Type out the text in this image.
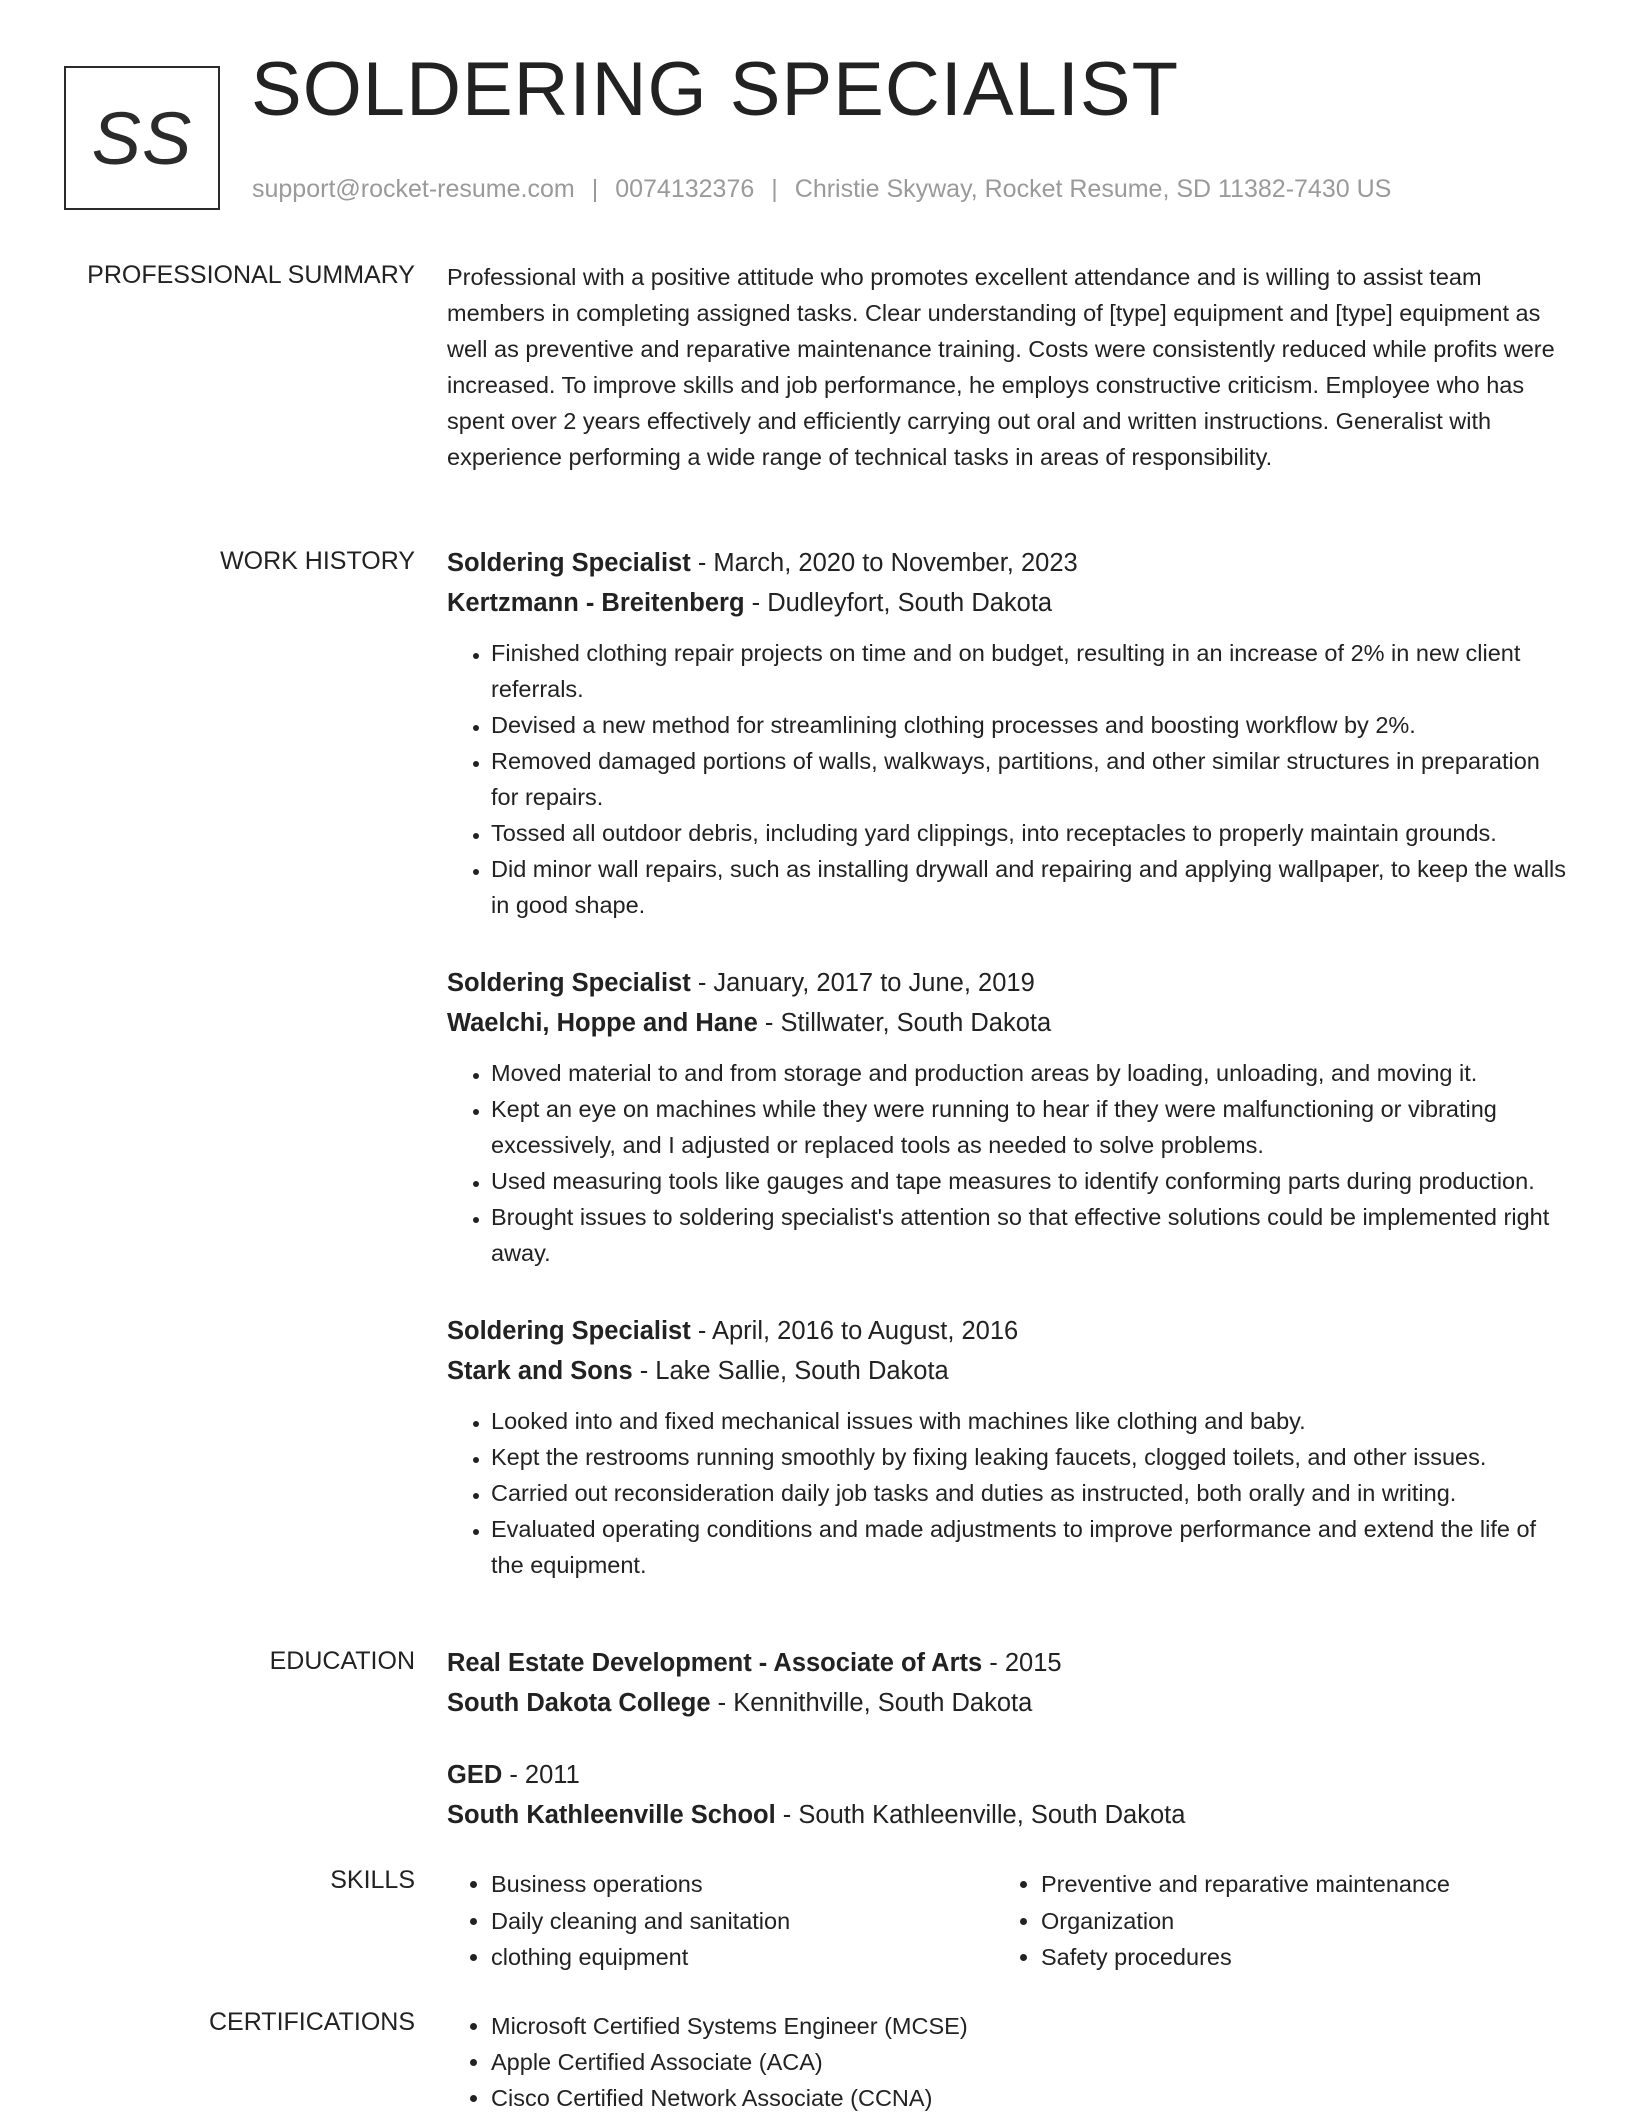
SS
SOLDERING SPECIALIST
support@rocket-resume.com | 0074132376 | Christie Skyway, Rocket Resume, SD 11382-7430 US
PROFESSIONAL SUMMARY Professional with a positive attitude who promotes excellent attendance and is willing to assist team members in completing assigned tasks. Clear understanding of [type] equipment and [type] equipment as well as preventive and reparative maintenance training. Costs were consistently reduced while profits were increased. To improve skills and job performance, he employs constructive criticism. Employee who has spent over 2 years effectively and efficiently carrying out oral and written instructions. Generalist with experience performing a wide range of technical tasks in areas of responsibility.

WORK HISTORY Soldering Specialist - March, 2020 to November, 2023
Kertzmann - Breitenberg - Dudleyfort, South Dakota
• Finished clothing repair projects on time and on budget, resulting in an increase of 2% in new client referrals.
• Devised a new method for streamlining clothing processes and boosting workflow by 2%.
• Removed damaged portions of walls, walkways, partitions, and other similar structures in preparation for repairs.
• Tossed all outdoor debris, including yard clippings, into receptacles to properly maintain grounds.
• Did minor wall repairs, such as installing drywall and repairing and applying wallpaper, to keep the walls in good shape.
Soldering Specialist - January, 2017 to June, 2019
Waelchi, Hoppe and Hane - Stillwater, South Dakota
• Moved material to and from storage and production areas by loading, unloading, and moving it.
• Kept an eye on machines while they were running to hear if they were malfunctioning or vibrating excessively, and I adjusted or replaced tools as needed to solve problems.
• Used measuring tools like gauges and tape measures to identify conforming parts during production.
• Brought issues to soldering specialist's attention so that effective solutions could be implemented right away.
Soldering Specialist - April, 2016 to August, 2016
Stark and Sons - Lake Sallie, South Dakota
• Looked into and fixed mechanical issues with machines like clothing and baby.
• Kept the restrooms running smoothly by fixing leaking faucets, clogged toilets, and other issues.
• Carried out reconsideration daily job tasks and duties as instructed, both orally and in writing.
• Evaluated operating conditions and made adjustments to improve performance and extend the life of the equipment.
EDUCATION Real Estate Development - Associate of Arts - 2015
South Dakota College - Kennithville, South Dakota
GED - 2011
South Kathleenville School - South Kathleenville, South Dakota
SKILLS	• Business operations
• Daily cleaning and sanitation
• clothing equipment
• Preventive and reparative maintenance
• Organization
• Safety procedures
CERTIFICATIONS	• Microsoft Certified Systems Engineer (MCSE)
• Apple Certified Associate (ACA)
• Cisco Certified Network Associate (CCNA)
